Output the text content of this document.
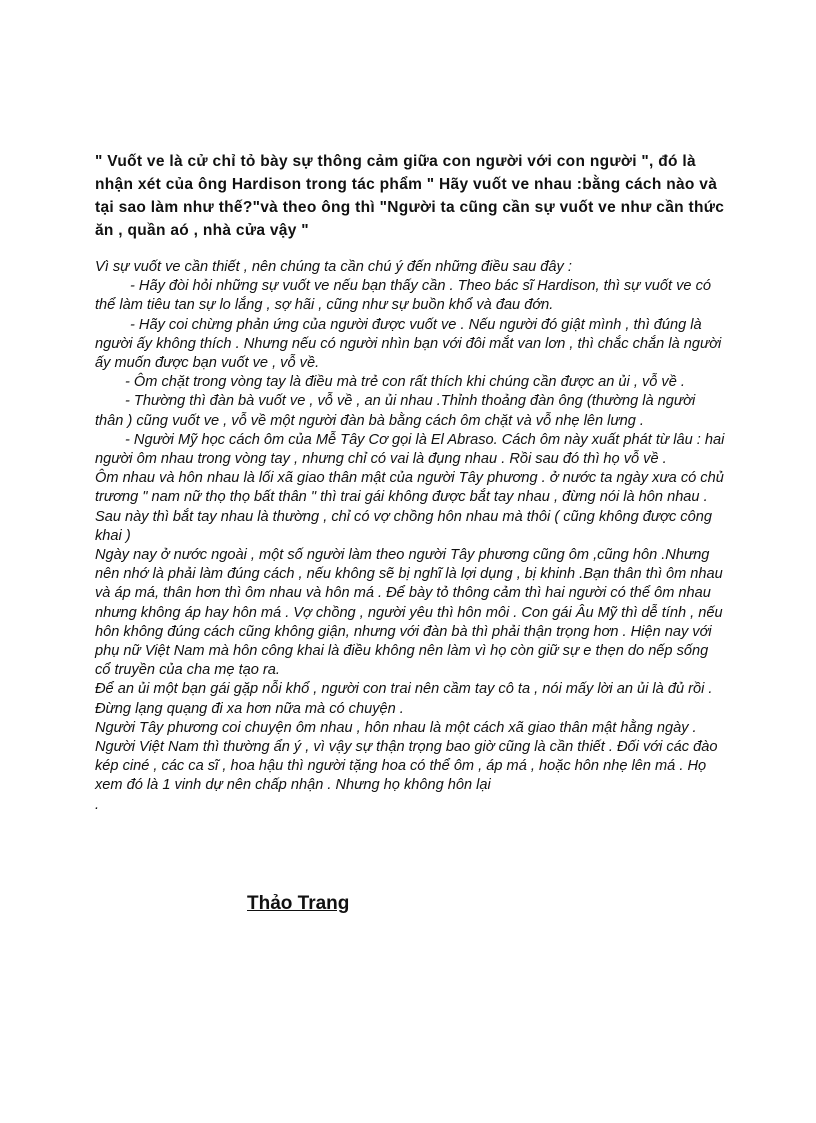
" Vuốt ve là cử chỉ tỏ bày sự thông cảm giữa con người với con người ", đó là nhận xét của ông Hardison trong tác phẩm " Hãy vuốt ve nhau :bằng cách nào và tại sao làm như thế?"và theo ông thì "Người ta cũng cần sự vuốt ve như cần thức ăn , quần aó , nhà cửa vậy "

Vì sự vuốt ve cần thiết , nên chúng ta cần chú ý đến những điều sau đây :

- Hãy đòi hỏi những sự vuốt ve nếu bạn thấy cần . Theo bác sĩ Hardison, thì sự vuốt ve có thể làm tiêu tan sự lo lắng , sợ hãi , cũng như sự buồn khổ và đau đớn.

- Hãy coi chừng phản ứng của người được vuốt ve . Nếu người đó giật mình , thì đúng là người ấy không thích . Nhưng nếu có người nhìn bạn với đôi mắt van lơn , thì chắc chắn là người ấy muốn được bạn vuốt ve , vỗ về.

- Ôm chặt trong vòng tay là điều mà trẻ con rất thích khi chúng cần được an ủi , vỗ về .

- Thường thì đàn bà vuốt ve , vỗ về , an ủi nhau .Thỉnh thoảng đàn ông (thường là người thân ) cũng vuốt ve , vỗ về một người đàn bà bằng cách ôm chặt và vỗ nhẹ lên lưng .

- Người Mỹ học cách ôm của Mễ Tây Cơ gọi là El Abraso. Cách ôm này xuất phát từ lâu : hai người ôm nhau trong vòng tay , nhưng chỉ có vai là đụng nhau . Rồi sau đó thì họ vỗ về .

Ôm nhau và hôn nhau là lối xã giao thân mật của người Tây phương . ở nước ta ngày xưa có chủ trương " nam nữ thọ thọ bất thân " thì trai gái không được bắt tay nhau , đừng nói là hôn nhau . Sau này thì bắt tay nhau là thường , chỉ có vợ chồng hôn nhau mà thôi ( cũng không được công khai )

Ngày nay ở nước ngoài , một số người làm theo người Tây phương cũng ôm ,cũng hôn .Nhưng nên nhớ là phải làm đúng cách , nếu không sẽ bị nghĩ là lợi dụng , bị khinh .Bạn thân thì ôm nhau và áp má, thân hơn thì ôm nhau và hôn má . Để bày tỏ thông cảm thì hai người có thể ôm nhau nhưng không áp hay hôn má . Vợ chồng , người yêu thì hôn môi . Con gái Âu Mỹ thì dễ tính , nếu hôn không đúng cách cũng không giận, nhưng với đàn bà thì phải thận trọng hơn . Hiện nay với phụ nữ Việt Nam mà hôn công khai là điều không nên làm vì họ còn giữ sự e thẹn do nếp sống cổ truyền của cha mẹ tạo ra.

Để an ủi một bạn gái gặp nỗi khổ , người con trai nên cầm tay cô ta , nói mấy lời an ủi là đủ rồi . Đừng lạng quạng đi xa hơn nữa mà có chuyện .

Người Tây phương coi chuyện ôm nhau , hôn nhau là một cách xã giao thân mật hằng ngày . Người Việt Nam thì thường ẩn ý , vì vậy sự thận trọng bao giờ cũng là cần thiết . Đối với các đào kép ciné , các ca sĩ , hoa hậu thì người tặng hoa có thể ôm , áp má , hoặc hôn nhẹ lên má . Họ xem đó là 1 vinh dự nên chấp nhận . Nhưng họ không hôn lại

.

Thảo Trang
